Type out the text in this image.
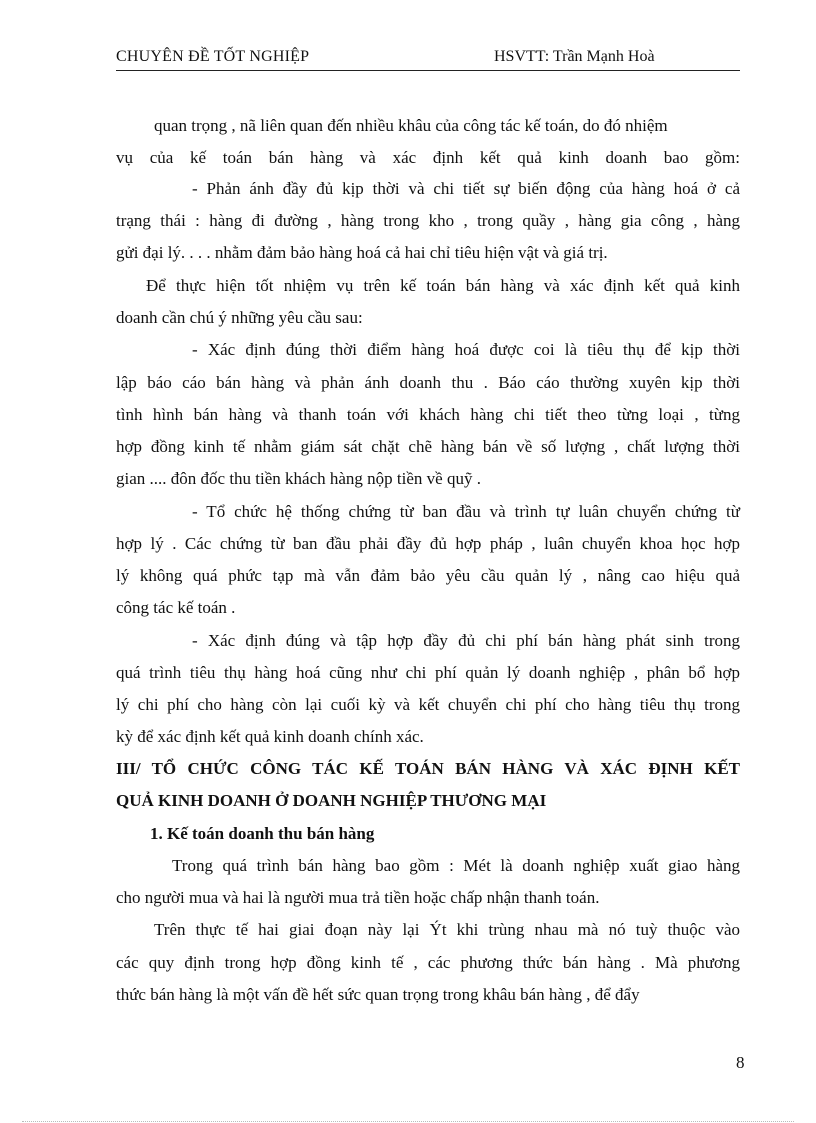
CHUYÊN ĐỀ TỐT NGHIỆP	HSVTT: Trần Mạnh Hoà
quan trọng , nã liên quan đến nhiều khâu của công tác kế toán, do đó nhiệm
vụ của kế toán bán hàng và xác định kết quả kinh doanh bao gồm:
- Phản ánh đầy đủ kịp thời và chi tiết sự biến động của hàng hoá ở cả
trạng thái : hàng đi đường , hàng trong kho , trong quầy , hàng gia công , hàng
gửi đại lý. . . . nhằm đảm bảo hàng hoá cả hai chỉ tiêu hiện vật và giá trị.
Để thực hiện tốt nhiệm vụ trên kế toán bán hàng và xác định kết quả kinh
doanh cần chú ý những yêu cầu sau:
- Xác định đúng thời điểm hàng hoá được coi là tiêu thụ để kịp thời
lập báo cáo bán hàng và phản ánh doanh thu . Báo cáo thường xuyên kịp thời
tình hình bán hàng và thanh toán với khách hàng chi tiết theo từng loại , từng
hợp đồng kinh tế nhằm giám sát chặt chẽ hàng bán về số lượng , chất lượng thời
gian .... đôn đốc thu tiền khách hàng nộp tiền về quỹ .
- Tổ chức hệ thống chứng từ ban đầu và trình tự luân chuyển chứng từ
hợp lý . Các chứng từ ban đầu phải đầy đủ hợp pháp , luân chuyển khoa học hợp
lý không quá phức tạp mà vẫn đảm bảo yêu cầu quản lý , nâng cao hiệu quả
công tác kế toán .
- Xác định đúng và tập hợp đầy đủ chi phí bán hàng phát sinh trong
quá trình tiêu thụ hàng hoá cũng như chi phí quản lý doanh nghiệp , phân bổ hợp
lý chi phí cho hàng còn lại cuối kỳ và kết chuyển chi phí cho hàng tiêu thụ trong
kỳ để xác định kết quả kinh doanh chính xác.
III/ TỔ CHỨC CÔNG TÁC KẾ TOÁN BÁN HÀNG VÀ XÁC ĐỊNH KẾT
QUẢ KINH DOANH Ở DOANH NGHIỆP THƯƠNG MẠI
1. Kế toán doanh thu bán hàng
Trong quá trình bán hàng bao gồm : Mét là doanh nghiệp xuất giao hàng
cho người mua và hai là người mua trả tiền hoặc chấp nhận thanh toán.
Trên thực tế hai giai đoạn này lại Ýt khi trùng nhau mà nó tuỳ thuộc vào
các quy định trong hợp đồng kinh tế , các phương thức bán hàng . Mà phương
thức bán hàng là một vấn đề hết sức quan trọng trong khâu bán hàng , để đẩy
8
